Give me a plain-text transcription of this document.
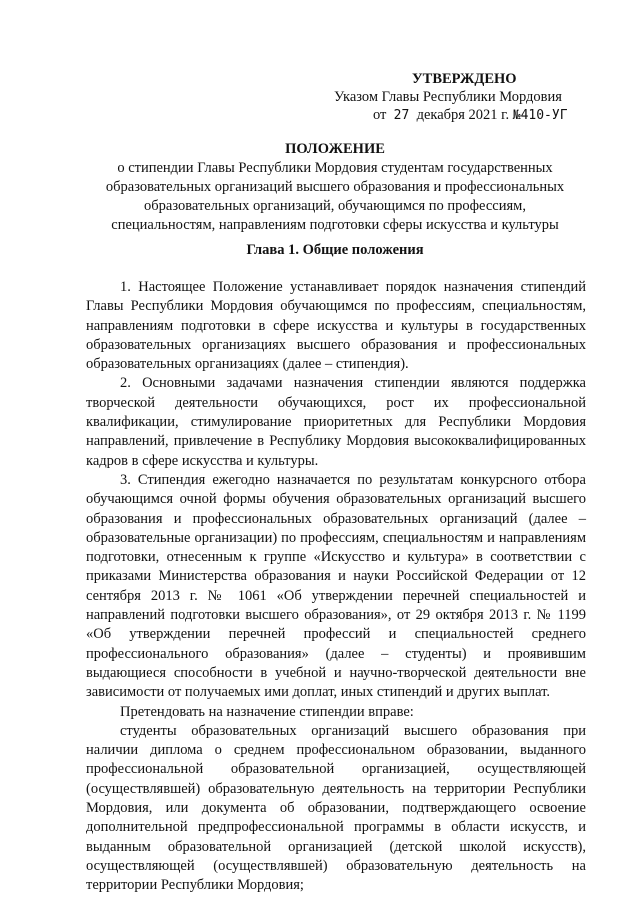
УТВЕРЖДЕНО
Указом Главы Республики Мордовия
от 27 декабря 2021 г. №410-УГ
ПОЛОЖЕНИЕ
о стипендии Главы Республики Мордовия студентам государственных
образовательных организаций высшего образования и профессиональных
образовательных организаций, обучающимся по профессиям,
специальностям, направлениям подготовки сферы искусства и культуры
Глава 1. Общие положения

1. Настоящее Положение устанавливает порядок назначения стипендий Главы Республики Мордовия обучающимся по профессиям, специальностям, направлениям подготовки в сфере искусства и культуры в государственных образовательных организациях высшего образования и профессиональных образовательных организациях (далее – стипендия).

2. Основными задачами назначения стипендии являются поддержка творческой деятельности обучающихся, рост их профессиональной квалификации, стимулирование приоритетных для Республики Мордовия направлений, привлечение в Республику Мордовия высококвалифицированных кадров в сфере искусства и культуры.

3. Стипендия ежегодно назначается по результатам конкурсного отбора обучающимся очной формы обучения образовательных организаций высшего образования и профессиональных образовательных организаций (далее – образовательные организации) по профессиям, специальностям и направлениям подготовки, отнесенным к группе «Искусство и культура» в соответствии с приказами Министерства образования и науки Российской Федерации от 12 сентября 2013 г. № 1061 «Об утверждении перечней специальностей и направлений подготовки высшего образования», от 29 октября 2013 г. № 1199 «Об утверждении перечней профессий и специальностей среднего профессионального образования» (далее – студенты) и проявившим выдающиеся способности в учебной и научно-творческой деятельности вне зависимости от получаемых ими доплат, иных стипендий и других выплат.

Претендовать на назначение стипендии вправе:

студенты образовательных организаций высшего образования при наличии диплома о среднем профессиональном образовании, выданного профессиональной образовательной организацией, осуществляющей (осуществлявшей) образовательную деятельность на территории Республики Мордовия, или документа об образовании, подтверждающего освоение дополнительной предпрофессиональной программы в области искусств, и выданным образовательной организацией (детской школой искусств), осуществляющей (осуществлявшей) образовательную деятельность на территории Республики Мордовия;
